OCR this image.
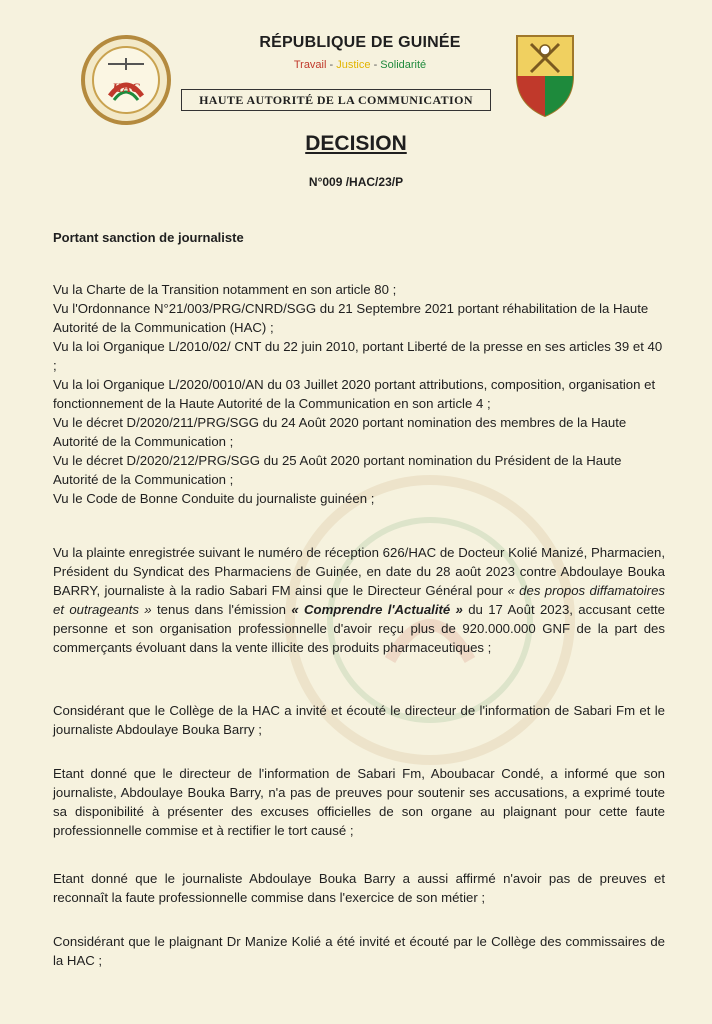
HAC
RÉPUBLIQUE DE GUINÉE
Travail - Justice - Solidarité
HAUTE AUTORITÉ DE LA COMMUNICATION
DECISION
N°009 /HAC/23/P
Portant sanction de journaliste

Vu la Charte de la Transition notamment en son article 80 ;

Vu l'Ordonnance N°21/003/PRG/CNRD/SGG du 21 Septembre 2021 portant réhabilitation de la Haute Autorité de la Communication (HAC) ;

Vu la loi Organique L/2010/02/ CNT du 22 juin 2010, portant Liberté de la presse en ses articles 39 et 40 ;

Vu la loi Organique L/2020/0010/AN du 03 Juillet 2020 portant attributions, composition, organisation et fonctionnement de la Haute Autorité de la Communication en son article 4 ;

Vu le décret D/2020/211/PRG/SGG du 24 Août 2020 portant nomination des membres de la Haute Autorité de la Communication ;

Vu le décret D/2020/212/PRG/SGG du 25 Août 2020 portant nomination du Président de la Haute Autorité de la Communication ;

Vu le Code de Bonne Conduite du journaliste guinéen ;

Vu la plainte enregistrée suivant le numéro de réception 626/HAC de Docteur Kolié Manizé, Pharmacien, Président du Syndicat des Pharmaciens de Guinée, en date du 28 août 2023 contre Abdoulaye Bouka BARRY, journaliste à la radio Sabari FM ainsi que le Directeur Général pour « des propos diffamatoires et outrageants » tenus dans l'émission « Comprendre l'Actualité » du 17 Août 2023, accusant cette personne et son organisation professionnelle d'avoir reçu plus de 920.000.000 GNF de la part des commerçants évoluant dans la vente illicite des produits pharmaceutiques ;

Considérant que le Collège de la HAC a invité et écouté le directeur de l'information de Sabari Fm et le journaliste Abdoulaye Bouka Barry ;

Etant donné que le directeur de l'information de Sabari Fm, Aboubacar Condé, a informé que son journaliste, Abdoulaye Bouka Barry, n'a pas de preuves pour soutenir ses accusations, a exprimé toute sa disponibilité à présenter des excuses officielles de son organe au plaignant pour cette faute professionnelle commise et à rectifier le tort causé ;

Etant donné que le journaliste Abdoulaye Bouka Barry a aussi affirmé n'avoir pas de preuves et reconnaît la faute professionnelle commise dans l'exercice de son métier ;

Considérant que le plaignant Dr Manize Kolié a été invité et écouté par le Collège des commissaires de la HAC ;
